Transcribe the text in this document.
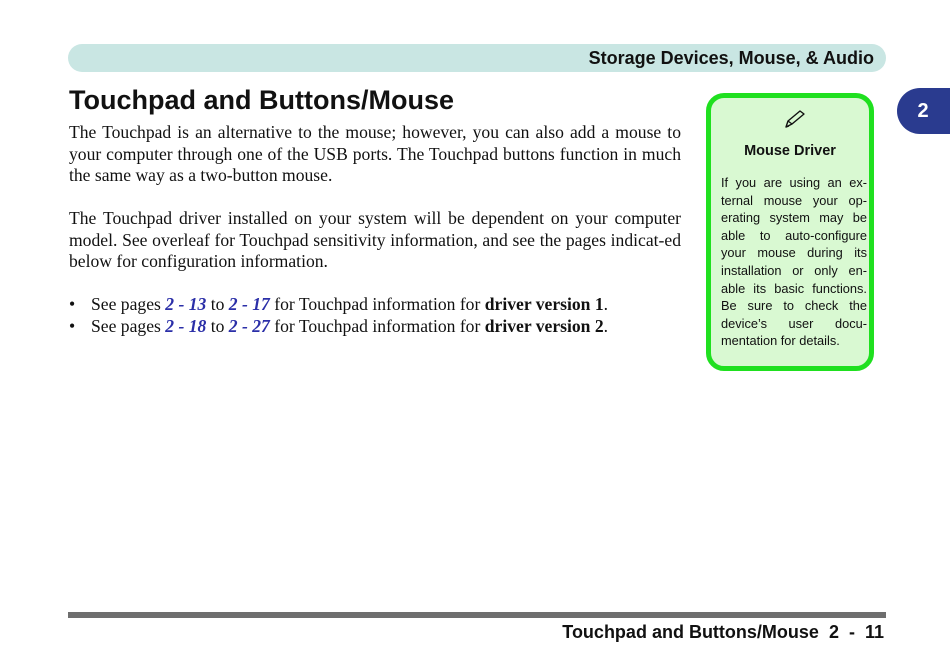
Storage Devices, Mouse, & Audio
2
Touchpad and Buttons/Mouse

The Touchpad is an alternative to the mouse; however, you can also add a mouse to your computer through one of the USB ports. The Touchpad buttons function in much the same way as a two-button mouse.

The Touchpad driver installed on your system will be dependent on your computer model. See overleaf for Touchpad sensitivity information, and see the pages indicat-ed below for configuration information.

• See pages 2 - 13 to 2 - 17 for Touchpad information for driver version 1.
• See pages 2 - 18 to 2 - 27 for Touchpad information for driver version 2.
Mouse Driver

If you are using an ex-ternal mouse your op-erating system may be able to auto-configure your mouse during its installation or only en-able its basic functions. Be sure to check the device’s user docu-mentation for details.

Touchpad and Buttons/Mouse 2  -  11
